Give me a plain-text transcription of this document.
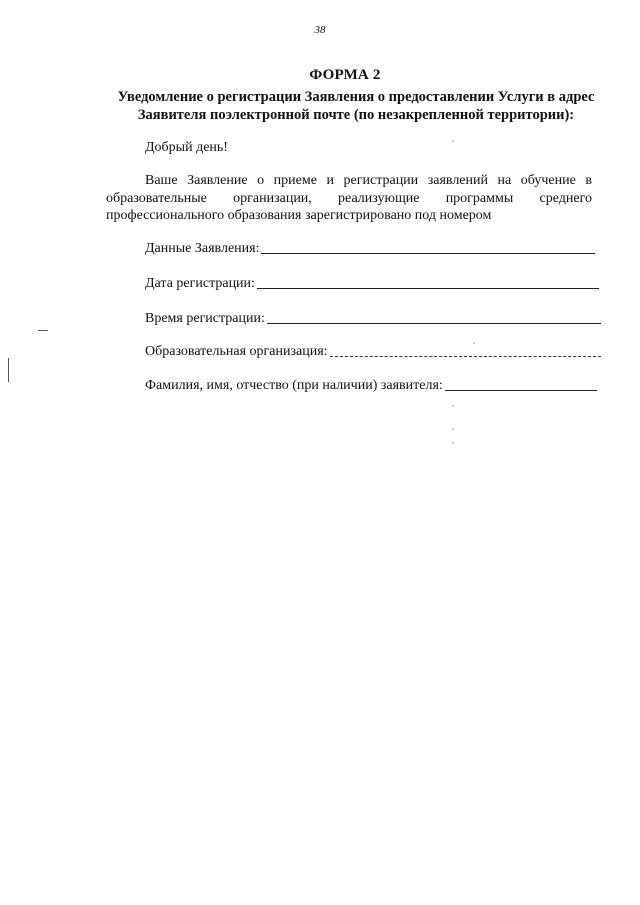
38
ФОРМА 2
Уведомление о регистрации Заявления о предоставлении Услуги в адрес Заявителя поэлектронной почте (по незакрепленной территории):
Добрый день!
Ваше Заявление о приеме и регистрации заявлений на обучение в образовательные организации, реализующие программы среднего профессионального образования зарегистрировано под номером
Данные Заявления:
Дата регистрации:
Время регистрации:
Образовательная организация:
Фамилия, имя, отчество (при наличии) заявителя:
